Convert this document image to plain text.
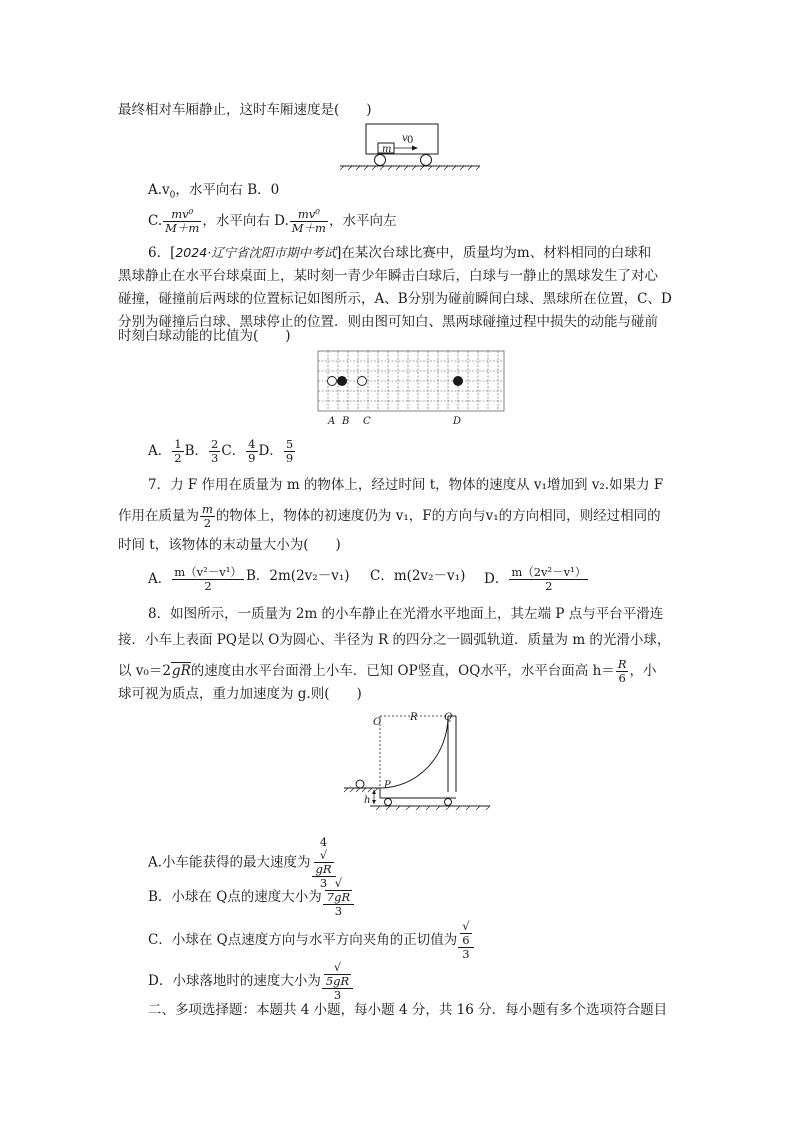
最终相对车厢静止，这时车厢速度是(　　)
m
v 0
$A.v_0$，水平向右 B．0
C. $\frac{\text{mv⁰}}{M+m}$ ，水平向右 D. $\frac{\text{mv⁰}}{M+m}$ ，水平向左
6．[2024·辽宁省沈阳市期中考试]在某次台球比赛中，质量均为m、材料相同的白球和
黑球静止在水平台球桌面上，某时刻一青少年瞬击白球后，白球与一静止的黑球发生了对心
碰撞，碰撞前后两球的位置标记如图所示，A、B分别为碰前瞬间白球、黑球所在位置，C、D
分别为碰撞后白球、黑球停止的位置．则由图可知白、黑两球碰撞过程中损失的动能与碰前
时刻白球动能的比值为(　　)
A B C	D
A． $\frac{1}{2}$ B． $\frac{2}{3}$ C． $\frac{4}{9}$ D． $\frac{5}{9}$
7．力 F 作用在质量为 m 的物体上，经过时间 t，物体的速度从 v₁增加到 v₂.如果力 F
作用在质量为 $\frac{m}{2}$ 的物体上，物体的初速度仍为 v₁，F的方向与v₁的方向相同，则经过相同的
时间 t，该物体的末动量大小为(　　)
A． $\frac{\text{m（v²－v¹）}}{2}$ B．2m(2v₂－v₁) C．m(2v₂－v₁) D． $\frac{\text{m（2v²－v¹）}}{2}$
8．如图所示，一质量为 2m 的小车静止在光滑水平地面上，其左端 P 点与平台平滑连
接．小车上表面 PQ是以 O为圆心、半径为 R 的四分之一圆弧轨道．质量为 m 的光滑小球，
以 v₀＝2gR的速度由水平台面滑上小车．已知 OP竖直，OQ水平，水平台面高 $h= \frac{R}{6}$ ，小
球可视为质点，重力加速度为 g.则(　　)
O	R	Q
P
h
A.小车能获得的最大速度为 4
√
gR
3
B．小球在 Q点的速度大小为 √
7gR
3
C．小球在 Q点速度方向与水平方向夹角的正切值为 √
6
3
D．小球落地时的速度大小为 √
5gR
3
二、多项选择题：本题共 4 小题，每小题 4 分，共 16 分．每小题有多个选项符合题目
